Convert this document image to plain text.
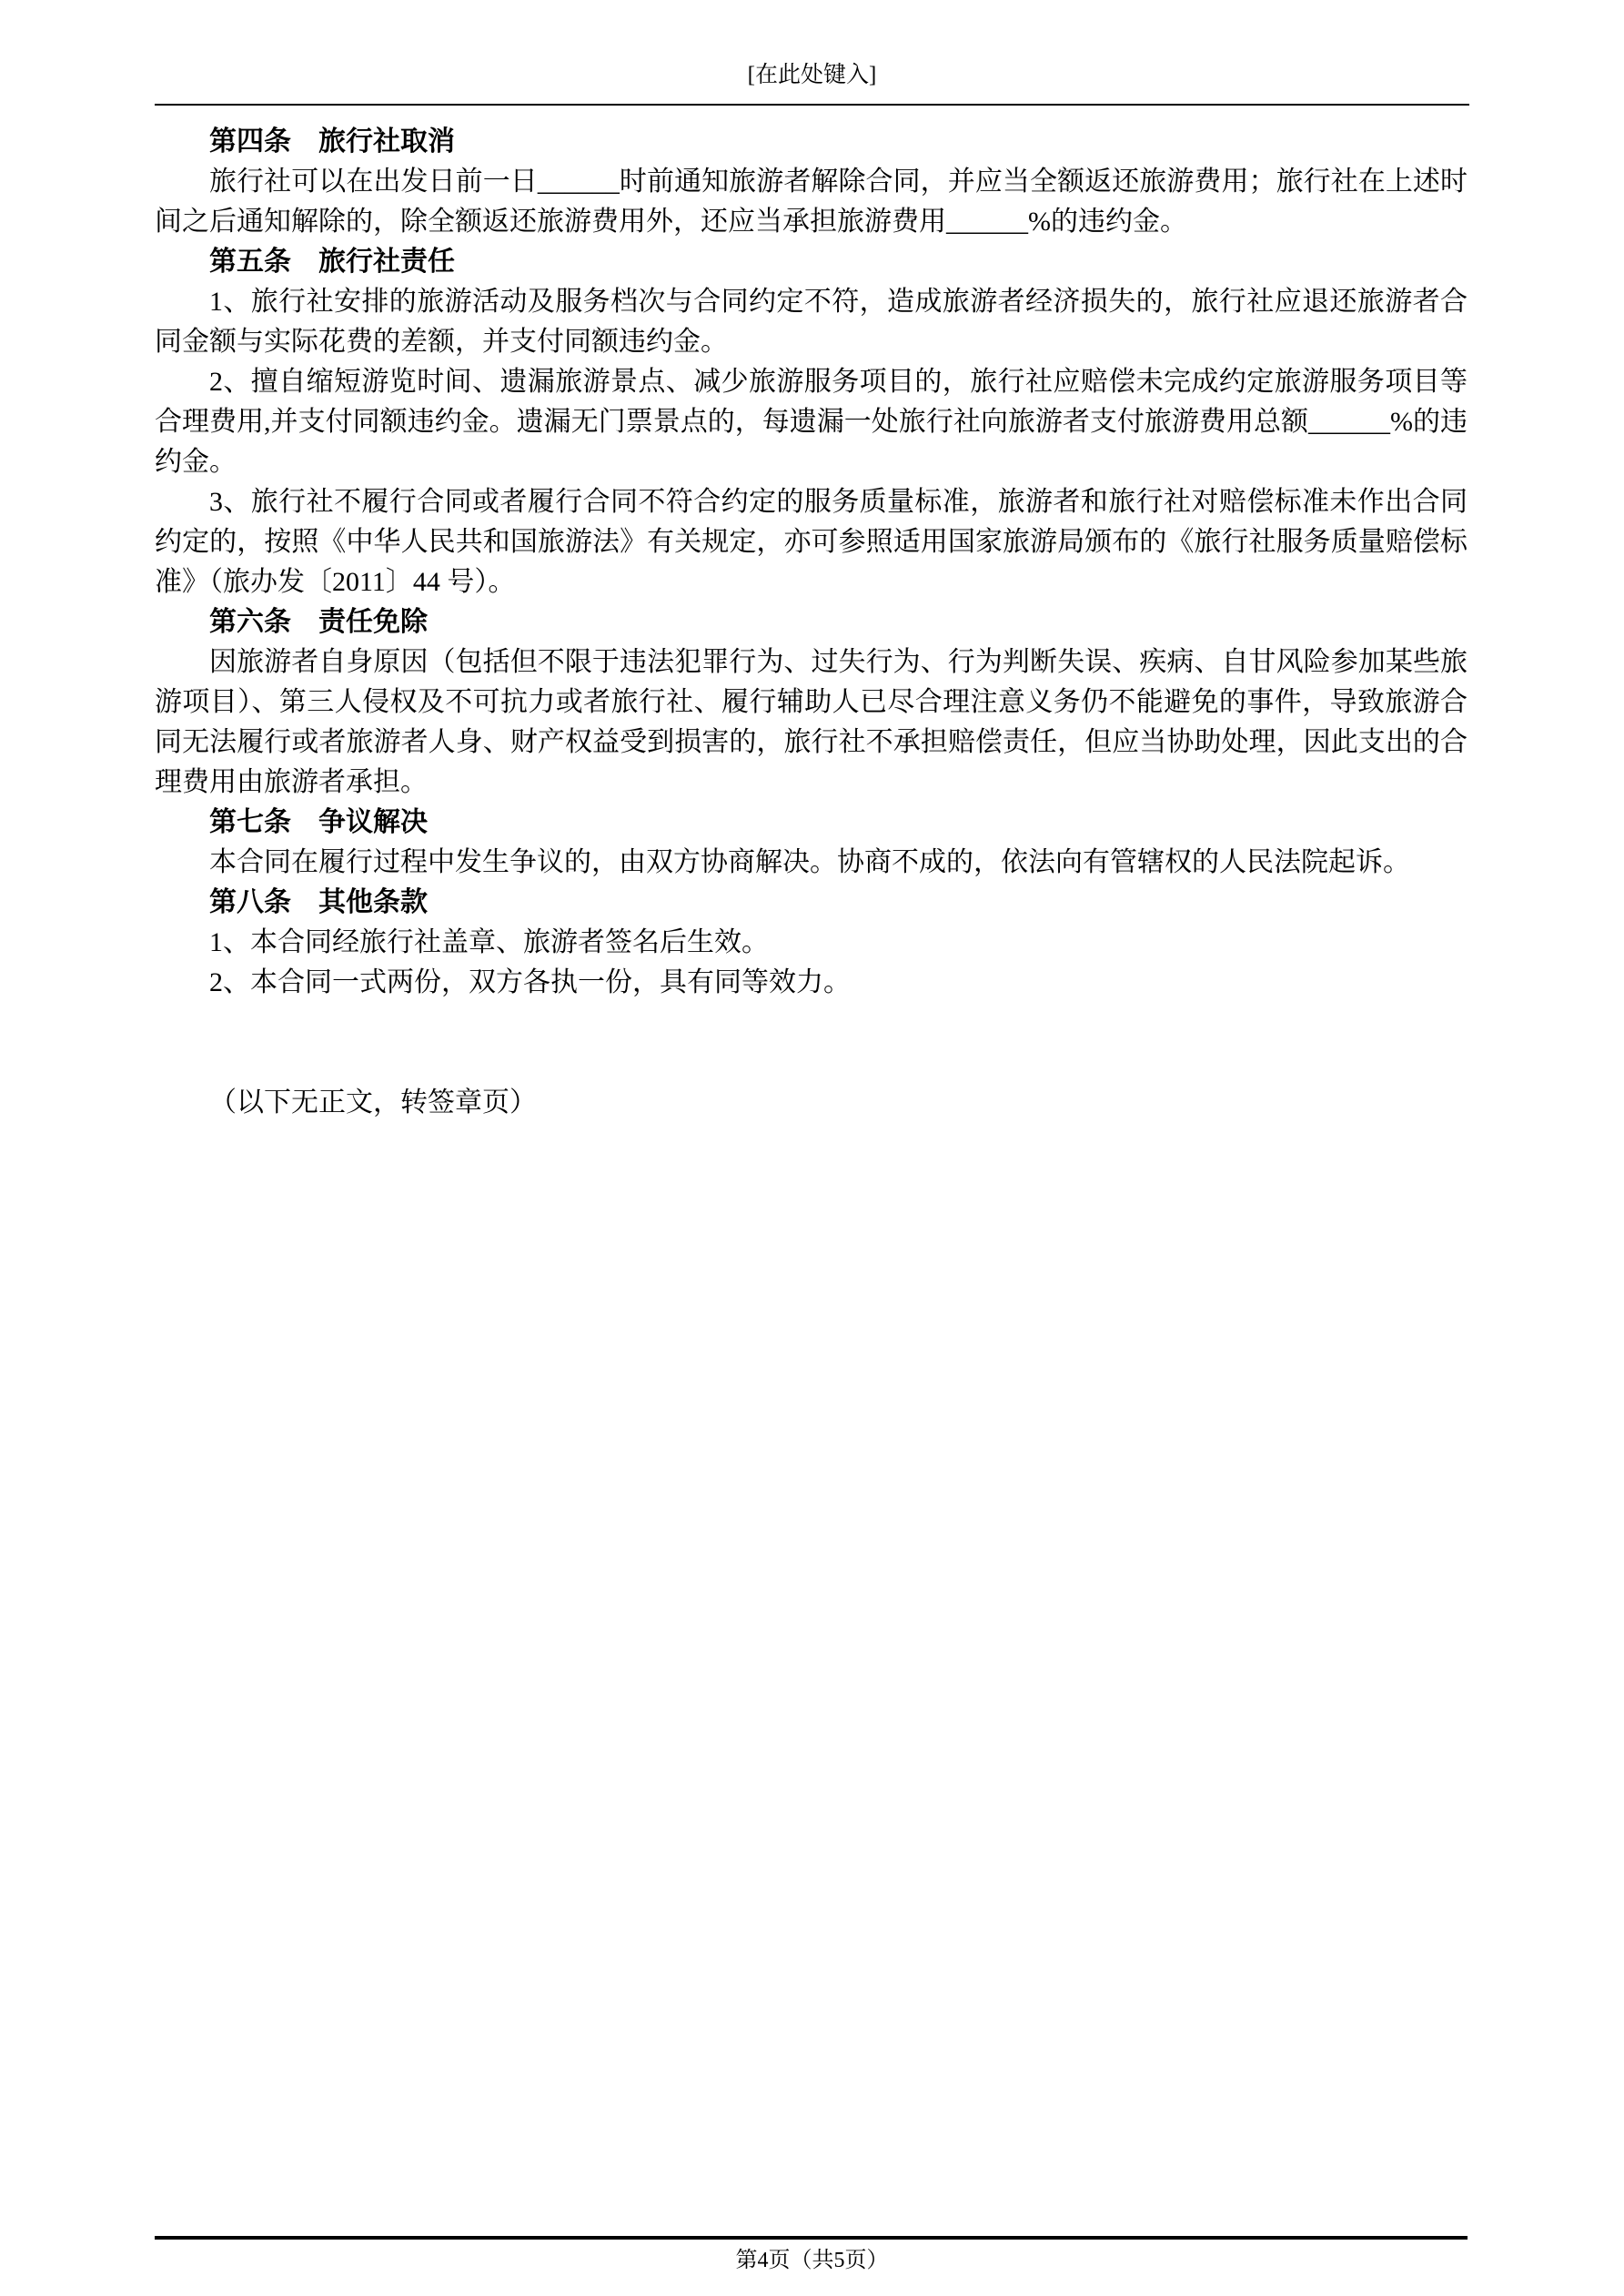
[在此处键入]

第四条　旅行社取消

旅行社可以在出发日前一日______时前通知旅游者解除合同，并应当全额返还旅游费用；旅行社在上述时间之后通知解除的，除全额返还旅游费用外，还应当承担旅游费用______%的违约金。

第五条　旅行社责任

1、旅行社安排的旅游活动及服务档次与合同约定不符，造成旅游者经济损失的，旅行社应退还旅游者合同金额与实际花费的差额，并支付同额违约金。

2、擅自缩短游览时间、遗漏旅游景点、减少旅游服务项目的，旅行社应赔偿未完成约定旅游服务项目等合理费用,并支付同额违约金。遗漏无门票景点的，每遗漏一处旅行社向旅游者支付旅游费用总额______%的违约金。

3、旅行社不履行合同或者履行合同不符合约定的服务质量标准，旅游者和旅行社对赔偿标准未作出合同约定的，按照《中华人民共和国旅游法》有关规定，亦可参照适用国家旅游局颁布的《旅行社服务质量赔偿标准》（旅办发〔2011〕44 号）。

第六条　责任免除

因旅游者自身原因（包括但不限于违法犯罪行为、过失行为、行为判断失误、疾病、自甘风险参加某些旅游项目）、第三人侵权及不可抗力或者旅行社、履行辅助人已尽合理注意义务仍不能避免的事件，导致旅游合同无法履行或者旅游者人身、财产权益受到损害的，旅行社不承担赔偿责任，但应当协助处理，因此支出的合理费用由旅游者承担。

第七条　争议解决

本合同在履行过程中发生争议的，由双方协商解决。协商不成的，依法向有管辖权的人民法院起诉。

第八条　其他条款

1、本合同经旅行社盖章、旅游者签名后生效。

2、本合同一式两份，双方各执一份，具有同等效力。

（以下无正文，转签章页）

第4页（共5页）
